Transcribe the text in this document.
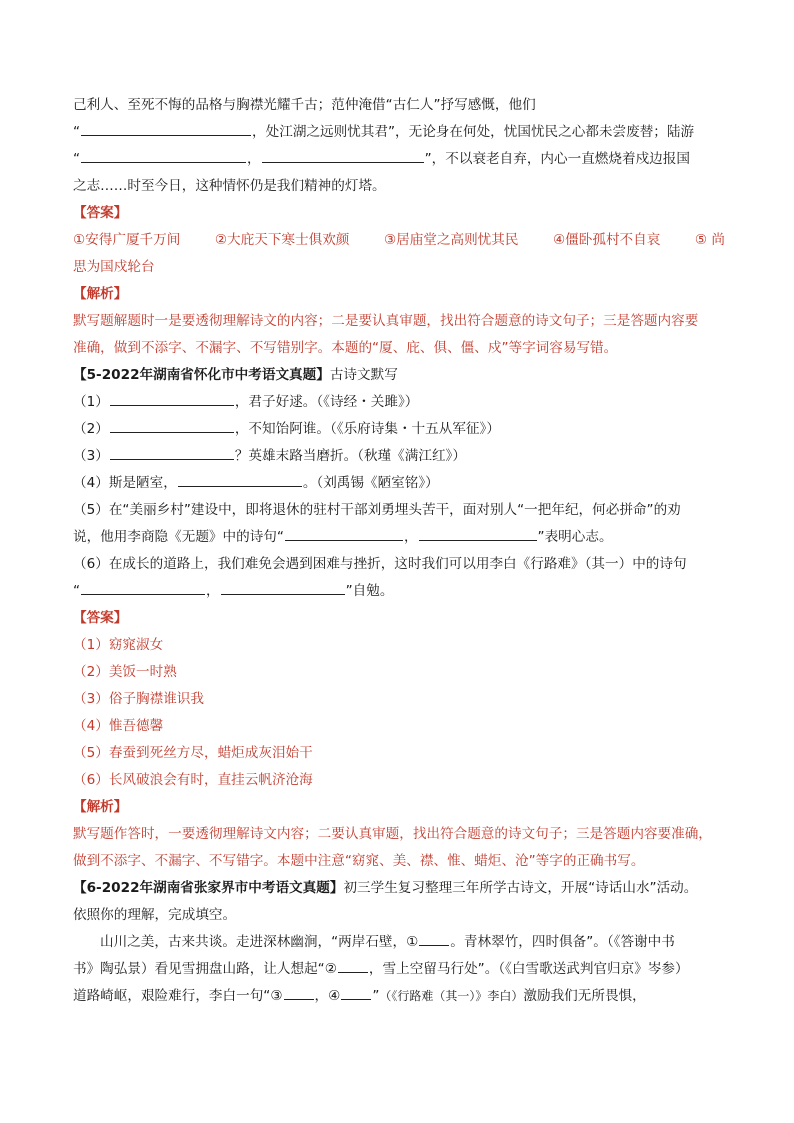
己利人、至死不悔的品格与胸襟光耀千古；范仲淹借“古仁人”抒写感慨，他们
“	，处江湖之远则忧其君”，无论身在何处，忧国忧民之心都未尝废替；陆游
“	，	”，不以衰老自弃，内心一直燃烧着戍边报国
之志……时至今日，这种情怀仍是我们精神的灯塔。
【答案】
①安得广厦千万间	②大庇天下寒士俱欢颜	③居庙堂之高则忧其民	④僵卧孤村不自哀	⑤ 尚
思为国戍轮台
【解析】
默写题解题时一是要透彻理解诗文的内容；二是要认真审题，找出符合题意的诗文句子；三是答题内容要
准确，做到不添字、不漏字、不写错别字。本题的“厦、庇、俱、僵、戍”等字词容易写错。
【5-2022年湖南省怀化市中考语文真题】古诗文默写
（1）	，君子好逑。（《诗经・关雎》）
（2）	，不知饴阿谁。（《乐府诗集・十五从军征》）
（3）	？英雄末路当磨折。（秋瑾《满江红》）
（4）斯是陋室，	。（刘禹锡《陋室铭》）
（5）在“美丽乡村”建设中，即将退休的驻村干部刘勇埋头苦干，面对别人“一把年纪，何必拼命”的劝
说，他用李商隐《无题》中的诗句“	，	”表明心志。
（6）在成长的道路上，我们难免会遇到困难与挫折，这时我们可以用李白《行路难》（其一）中的诗句
“	，	”自勉。
【答案】
（1）窈窕淑女
（2）美饭一时熟
（3）俗子胸襟谁识我
（4）惟吾德馨
（5）春蚕到死丝方尽，蜡炬成灰泪始干
（6）长风破浪会有时，直挂云帆济沧海
【解析】
默写题作答时，一要透彻理解诗文内容；二要认真审题，找出符合题意的诗文句子；三是答题内容要准确，
做到不添字、不漏字、不写错字。本题中注意“窈窕、美、襟、惟、蜡炬、沧”等字的正确书写。
【6-2022年湖南省张家界市中考语文真题】初三学生复习整理三年所学古诗文，开展“诗话山水”活动。
依照你的理解，完成填空。
山川之美，古来共谈。走进深林幽涧，“两岸石壁，① 。青林翠竹，四时俱备”。（《答谢中书
书》陶弘景）看见雪拥盘山路，让人想起“② ，雪上空留马行处”。（《白雪歌送武判官归京》岑参）
道路崎岖，艰险难行，李白一句“③ ，④ ”（《行路难（其一）》李白）激励我们无所畏惧，
